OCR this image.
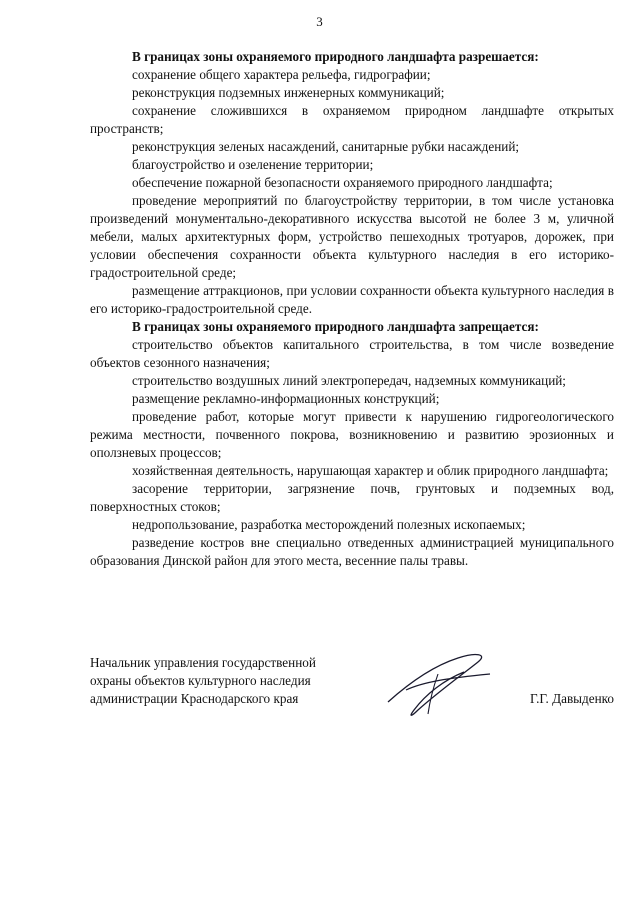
3

В границах зоны охраняемого природного ландшафта разрешается:

сохранение общего характера рельефа, гидрографии;

реконструкция подземных инженерных коммуникаций;

сохранение сложившихся в охраняемом природном ландшафте открытых пространств;

реконструкция зеленых насаждений, санитарные рубки насаждений;

благоустройство и озеленение территории;

обеспечение пожарной безопасности охраняемого природного ландшафта;

проведение мероприятий по благоустройству территории, в том числе установка произведений монументально-декоративного искусства высотой не более 3 м, уличной мебели, малых архитектурных форм, устройство пешеходных тротуаров, дорожек, при условии обеспечения сохранности объекта культурного наследия в его историко-градостроительной среде;

размещение аттракционов, при условии сохранности объекта культурного наследия в его историко-градостроительной среде.

В границах зоны охраняемого природного ландшафта запрещается:

строительство объектов капитального строительства, в том числе возведение объектов сезонного назначения;

строительство воздушных линий электропередач, надземных коммуникаций;

размещение рекламно-информационных конструкций;

проведение работ, которые могут привести к нарушению гидрогеологического режима местности, почвенного покрова, возникновению и развитию эрозионных и оползневых процессов;

хозяйственная деятельность, нарушающая характер и облик природного ландшафта;

засорение территории, загрязнение почв, грунтовых и подземных вод, поверхностных стоков;

недропользование, разработка месторождений полезных ископаемых;

разведение костров вне специально отведенных администрацией муниципального образования Динской район для этого места, весенние палы травы.

Начальник управления государственной
охраны объектов культурного наследия
администрации Краснодарского края	Г.Г. Давыденко
